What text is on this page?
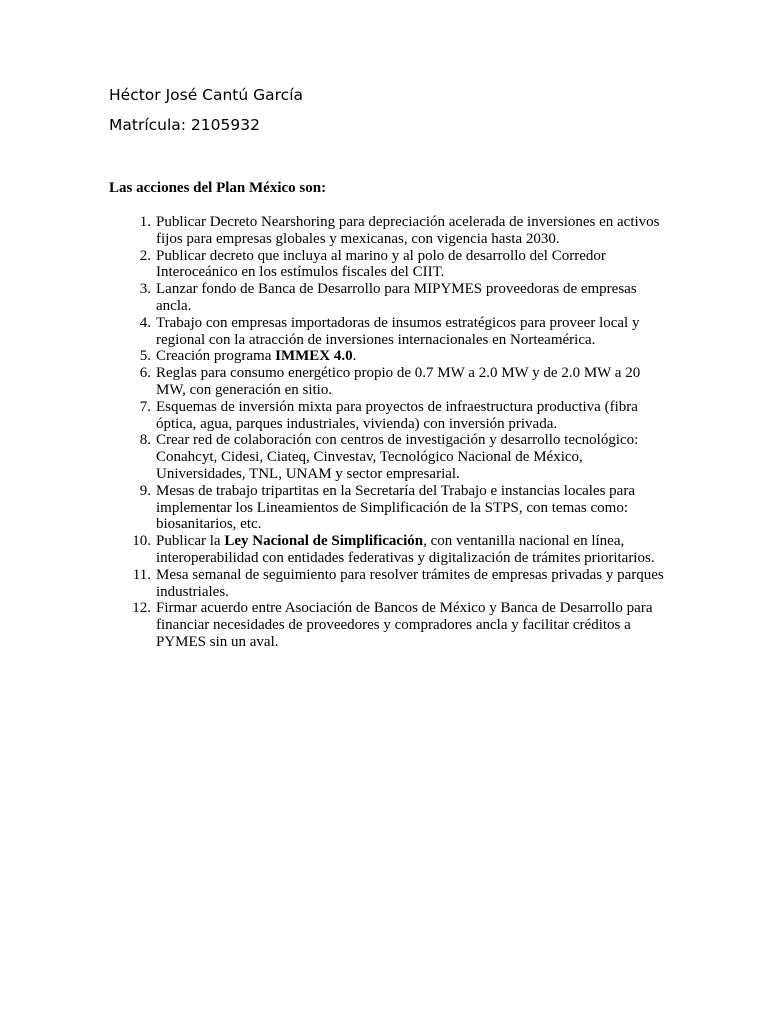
Héctor José Cantú García
Matrícula: 2105932
Las acciones del Plan México son:
1. Publicar Decreto Nearshoring para depreciación acelerada de inversiones en activos fijos para empresas globales y mexicanas, con vigencia hasta 2030.
2. Publicar decreto que incluya al marino y al polo de desarrollo del Corredor Interoceánico en los estímulos fiscales del CIIT.
3. Lanzar fondo de Banca de Desarrollo para MIPYMES proveedoras de empresas ancla.
4. Trabajo con empresas importadoras de insumos estratégicos para proveer local y regional con la atracción de inversiones internacionales en Norteamérica.
5. Creación programa IMMEX 4.0.
6. Reglas para consumo energético propio de 0.7 MW a 2.0 MW y de 2.0 MW a 20 MW, con generación en sitio.
7. Esquemas de inversión mixta para proyectos de infraestructura productiva (fibra óptica, agua, parques industriales, vivienda) con inversión privada.
8. Crear red de colaboración con centros de investigación y desarrollo tecnológico: Conahcyt, Cidesi, Ciateq, Cinvestav, Tecnológico Nacional de México, Universidades, TNL, UNAM y sector empresarial.
9. Mesas de trabajo tripartitas en la Secretaría del Trabajo e instancias locales para implementar los Lineamientos de Simplificación de la STPS, con temas como: biosanitarios, etc.
10. Publicar la Ley Nacional de Simplificación, con ventanilla nacional en línea, interoperabilidad con entidades federativas y digitalización de trámites prioritarios.
11. Mesa semanal de seguimiento para resolver trámites de empresas privadas y parques industriales.
12. Firmar acuerdo entre Asociación de Bancos de México y Banca de Desarrollo para financiar necesidades de proveedores y compradores ancla y facilitar créditos a PYMES sin un aval.
